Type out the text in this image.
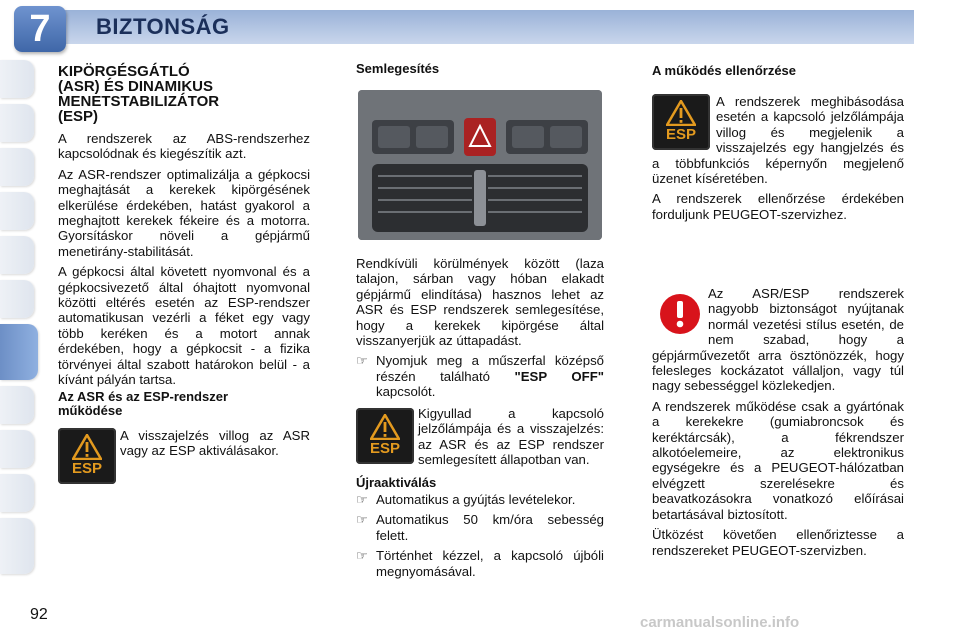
7	BIZTONSÁG
KIPÖRGÉSGÁTLÓ
(ASR) ÉS DINAMIKUS
MENETSTABILIZÁTOR
(ESP)

A rendszerek az ABS-rendszerhez kapcsolódnak és kiegészítik azt.

Az ASR-rendszer optimalizálja a gépkocsi meghajtását a kerekek kipörgésének elkerülése érdekében, hatást gyakorol a meghajtott kerekek fékeire és a motorra. Gyorsításkor növeli a gépjármű menetirány-stabilitását.

A gépkocsi által követett nyomvonal és a gépkocsivezető által óhajtott nyomvonal közötti eltérés esetén az ESP-rendszer automatikusan vezérli a féket egy vagy több keréken és a motort annak érdekében, hogy a gépkocsit - a fizika törvényei által szabott határokon belül - a kívánt pályán tartsa.

Az ASR és az ESP-rendszer
működése
ESP
A visszajelzés villog az ASR vagy az ESP aktiválásakor.
Semlegesítés

Rendkívüli körülmények között (laza talajon, sárban vagy hóban elakadt gépjármű elindítása) hasznos lehet az ASR és ESP rendszerek semlegesítése, hogy a kerekek kipörgése által visszanyerjük az úttapadást.

☞ Nyomjuk meg a műszerfal középső részén található "ESP OFF" kapcsolót.
ESP
Kigyullad a kapcsoló jelzőlámpája és a visszajelzés: az ASR és az ESP rendszer semlegesített állapotban van.
Újraaktiválás
☞ Automatikus a gyújtás levételekor.
☞ Automatikus 50 km/óra sebesség felett.
☞ Történhet kézzel, a kapcsoló újbóli megnyomásával.
A működés ellenőrzése
ESP

A rendszerek meghibásodása esetén a kapcsoló jelzőlámpája villog és megjelenik a visszajelzés egy hangjelzés és a többfunkciós képernyőn megjelenő üzenet kíséretében.

A rendszerek ellenőrzése érdekében forduljunk PEUGEOT-szervizhez.

Az ASR/ESP rendszerek nagyobb biztonságot nyújtanak normál vezetési stílus esetén, de nem szabad, hogy a gépjárművezetőt arra ösztönözzék, hogy felesleges kockázatot vállaljon, vagy túl nagy sebességgel közlekedjen.

A rendszerek működése csak a gyártónak a kerekekre (gumiabroncsok és keréktárcsák), a fékrendszer alkotóelemeire, az elektronikus egységekre és a PEUGEOT-hálózatban elvégzett szerelésekre és beavatkozásokra vonatkozó előírásai betartásával biztosított.

Ütközést követően ellenőriztesse a rendszereket PEUGEOT-szervizben.

92	carmanualsonline.info
